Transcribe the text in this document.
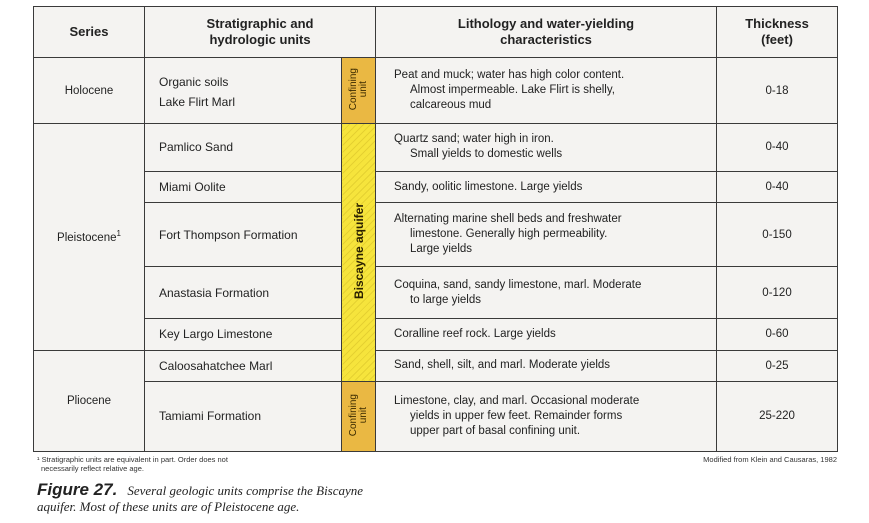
Series	Stratigraphic and
hydrologic units		Lithology and water-yielding
characteristics	Thickness
(feet)
Holocene	Organic soils
Lake Flirt Marl	Confining
unit	Peat and muck; water has high color content.
Almost impermeable. Lake Flirt is shelly,
calcareous mud	0-18
Pleistocene$^1$	Pamlico Sand	Biscayne aquifer	Quartz sand; water high in iron.
Small yields to domestic wells	0-40
	Miami Oolite		Sandy, oolitic limestone. Large yields	0-40
	Fort Thompson Formation		Alternating marine shell beds and freshwater
limestone. Generally high permeability.
Large yields	0-150
	Anastasia Formation		Coquina, sand, sandy limestone, marl. Moderate
to large yields	0-120
	Key Largo Limestone		Coralline reef rock. Large yields	0-60
Pliocene	Caloosahatchee Marl		Sand, shell, silt, and marl. Moderate yields	0-25
	Tamiami Formation	Confining
unit	Limestone, clay, and marl. Occasional moderate
yields in upper few feet. Remainder forms
upper part of basal confining unit.	25-220
¹ Stratigraphic units are equivalent in part. Order does not
necessarily reflect relative age.
Modified from Klein and Causaras, 1982
Figure 27. Several geologic units comprise the Biscayne
aquifer. Most of these units are of Pleistocene age.
